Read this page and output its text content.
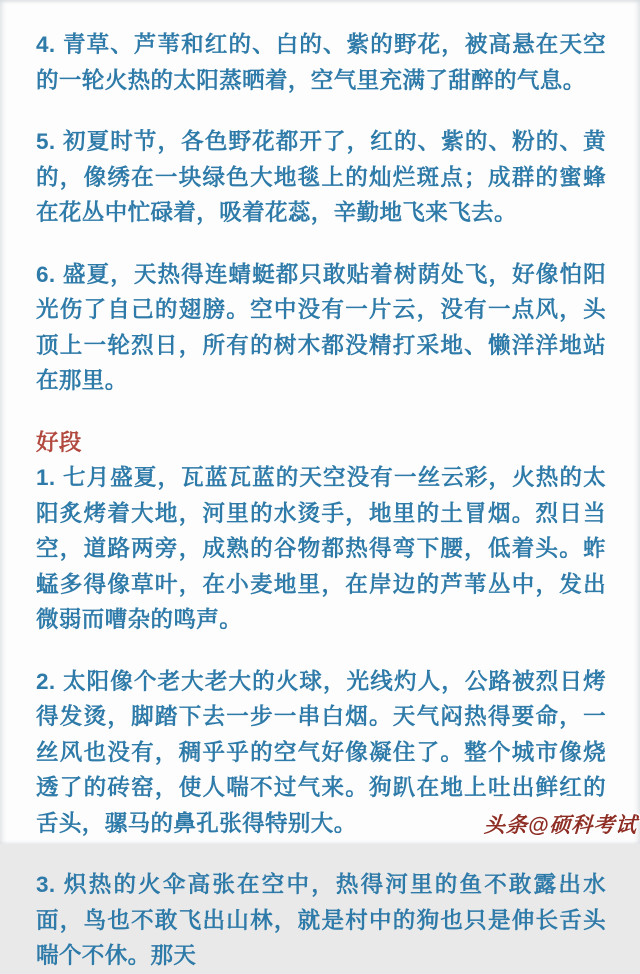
4. 青草、芦苇和红的、白的、紫的野花，被高悬在天空的一轮火热的太阳蒸晒着，空气里充满了甜醉的气息。

5. 初夏时节，各色野花都开了，红的、紫的、粉的、黄的，像绣在一块绿色大地毯上的灿烂斑点；成群的蜜蜂在花丛中忙碌着，吸着花蕊，辛勤地飞来飞去。

6. 盛夏，天热得连蜻蜓都只敢贴着树荫处飞，好像怕阳光伤了自己的翅膀。空中没有一片云，没有一点风，头顶上一轮烈日，所有的树木都没精打采地、懒洋洋地站在那里。

好段

1. 七月盛夏，瓦蓝瓦蓝的天空没有一丝云彩，火热的太阳炙烤着大地，河里的水烫手，地里的土冒烟。烈日当空，道路两旁，成熟的谷物都热得弯下腰，低着头。蚱蜢多得像草叶，在小麦地里，在岸边的芦苇丛中，发出微弱而嘈杂的鸣声。

2. 太阳像个老大老大的火球，光线灼人，公路被烈日烤得发烫，脚踏下去一步一串白烟。天气闷热得要命，一丝风也没有，稠乎乎的空气好像凝住了。整个城市像烧透了的砖窑，使人喘不过气来。狗趴在地上吐出鲜红的舌头，骡马的鼻孔张得特别大。

3. 炽热的火伞高张在空中，热得河里的鱼不敢露出水面，鸟也不敢飞出山林，就是村中的狗也只是伸长舌头喘个不休。那天

头条@硕科考试
